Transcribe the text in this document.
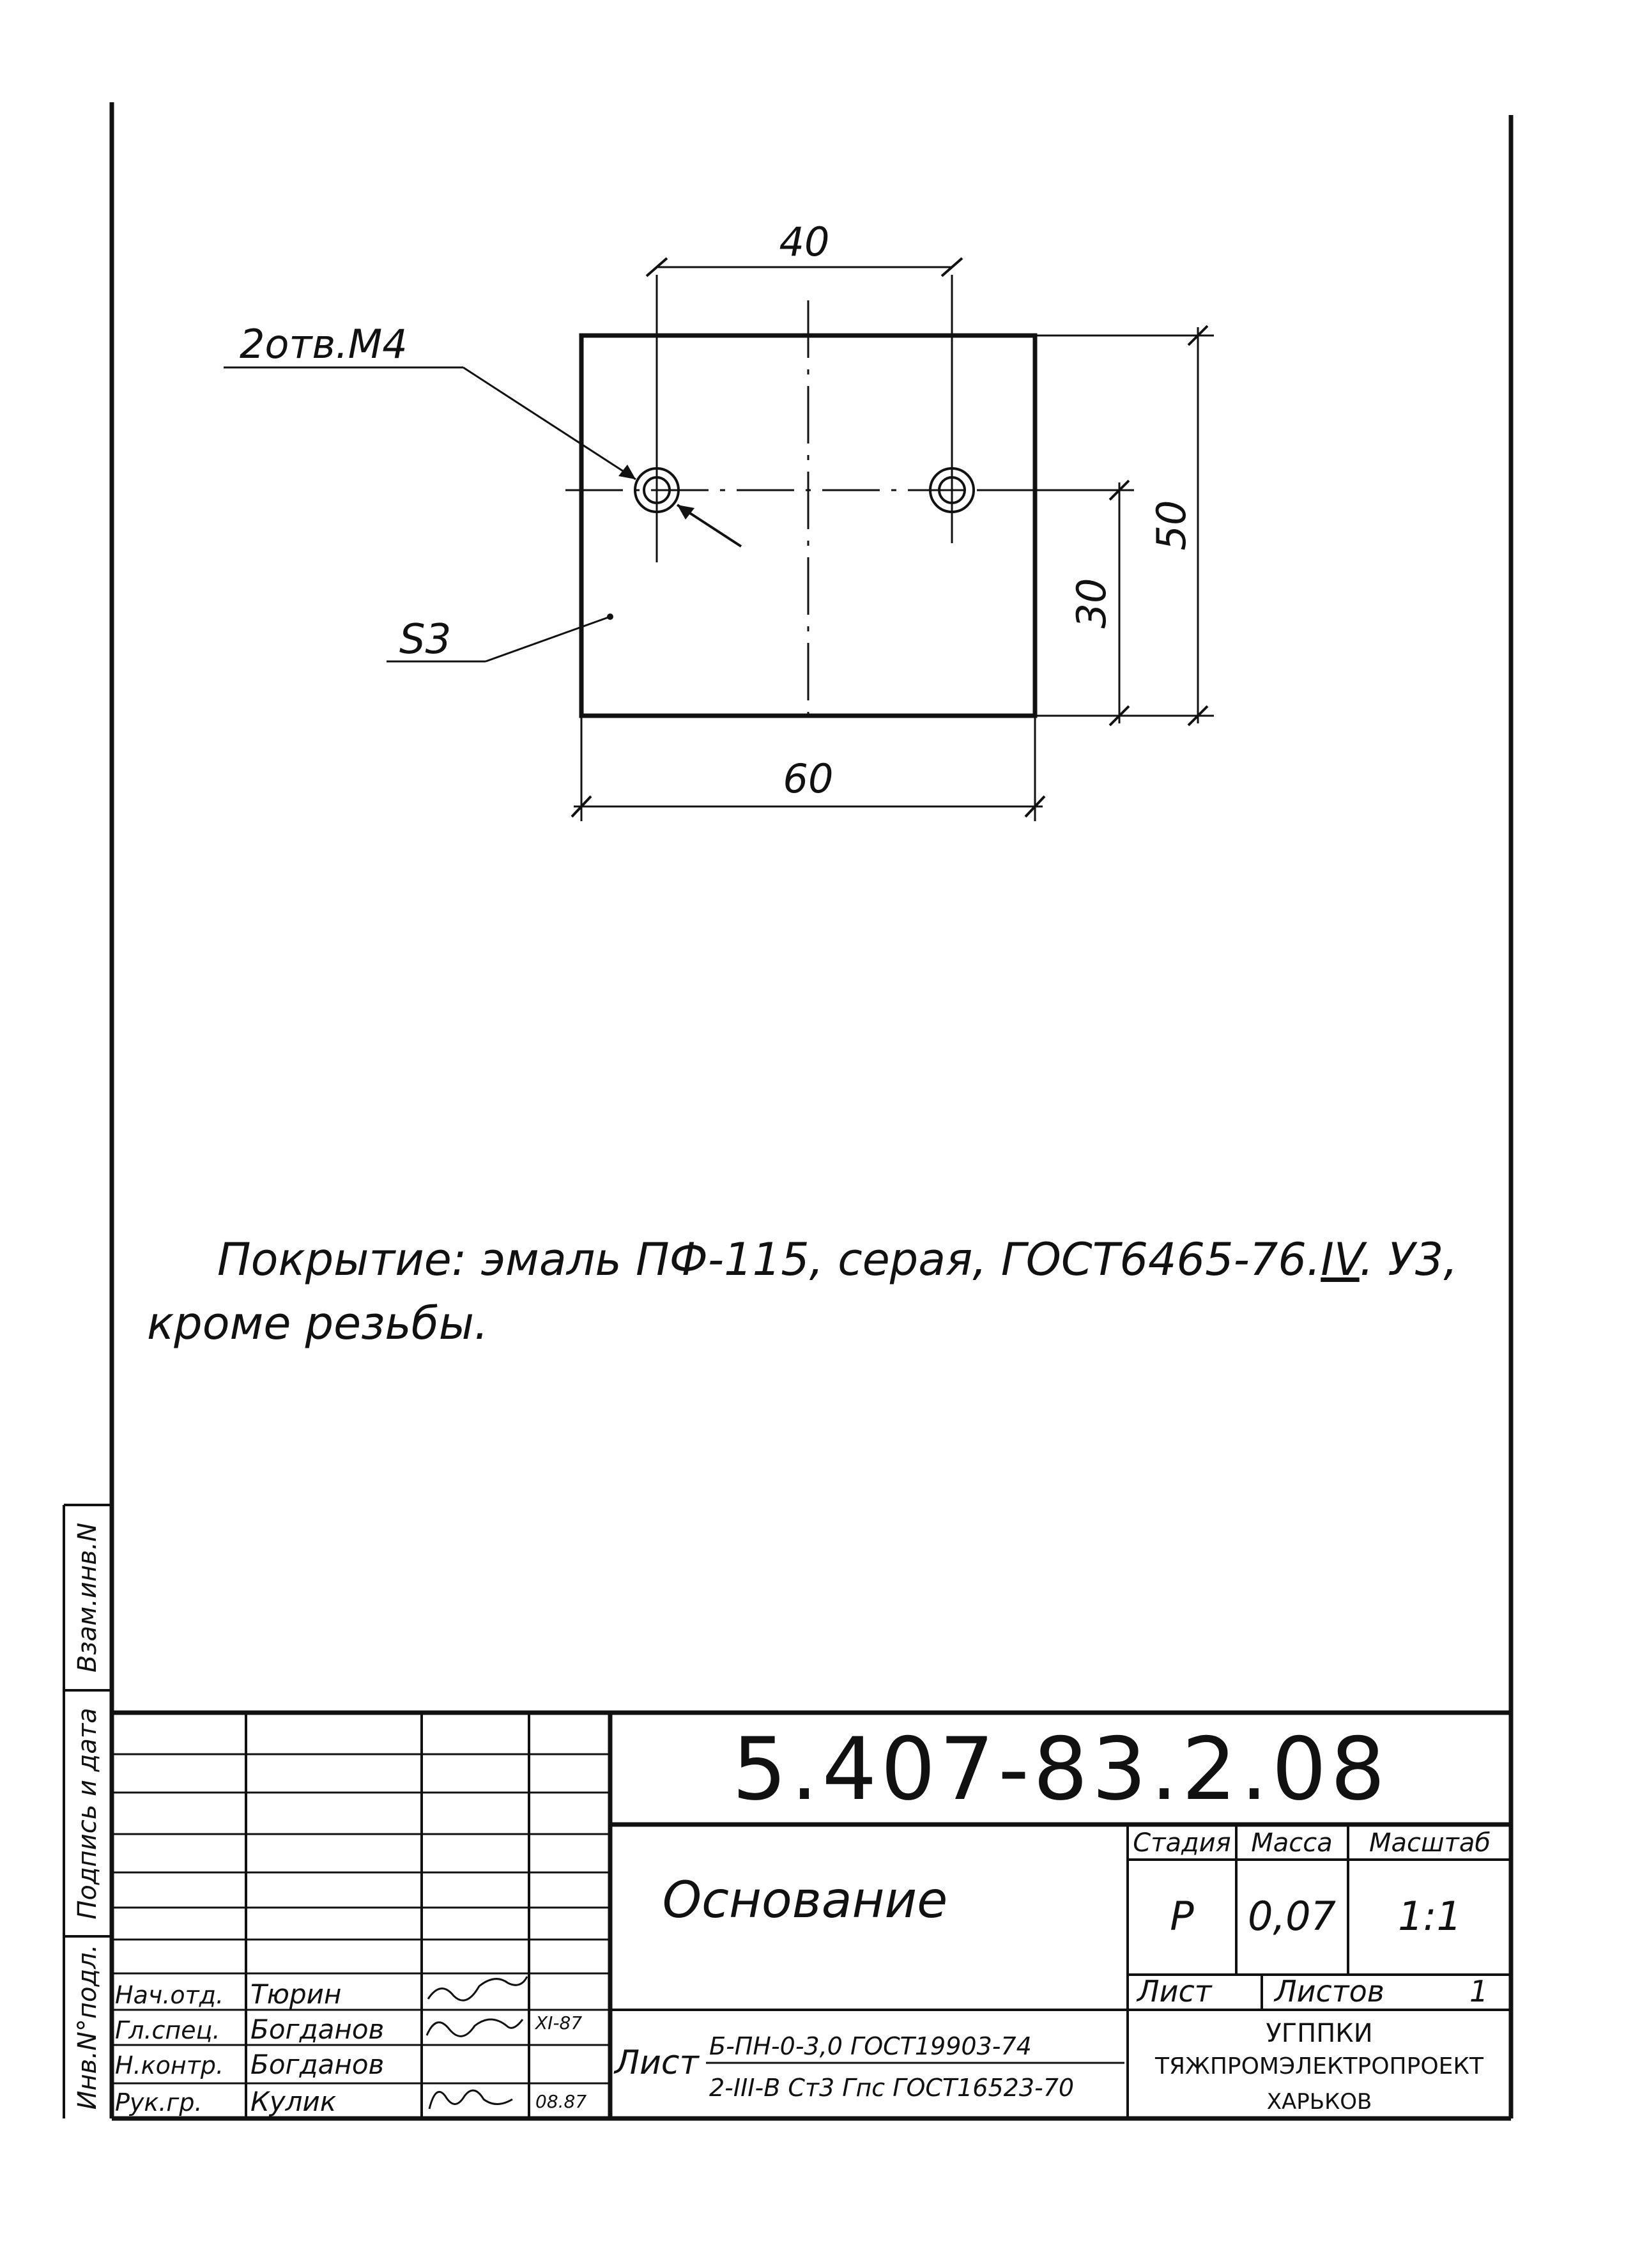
40
60
50
30
2отв.М4
S3
Покрытие: эмаль ПФ-115, серая, ГОСТ6465-76.IV. У3,
кроме резьбы.
Инв.N°подл.
Подпись и дата
Взам.инв.N
5.407-83.2.08
Основание
Стадия Масса Масштаб
Р 0,07 1:1
Лист Листов	1
Лист Б-ПН-0-3,0 ГОСТ19903-74
2-III-В Ст3 Гпс ГОСТ16523-70
УГППКИ
ТЯЖПРОМЭЛЕКТРОПРОЕКТ
ХАРЬКОВ
Нач.отд. Тюрин
Гл.спец. Богданов	XI-87
Н.контр. Богданов
Рук.гр. Кулик	08.87
